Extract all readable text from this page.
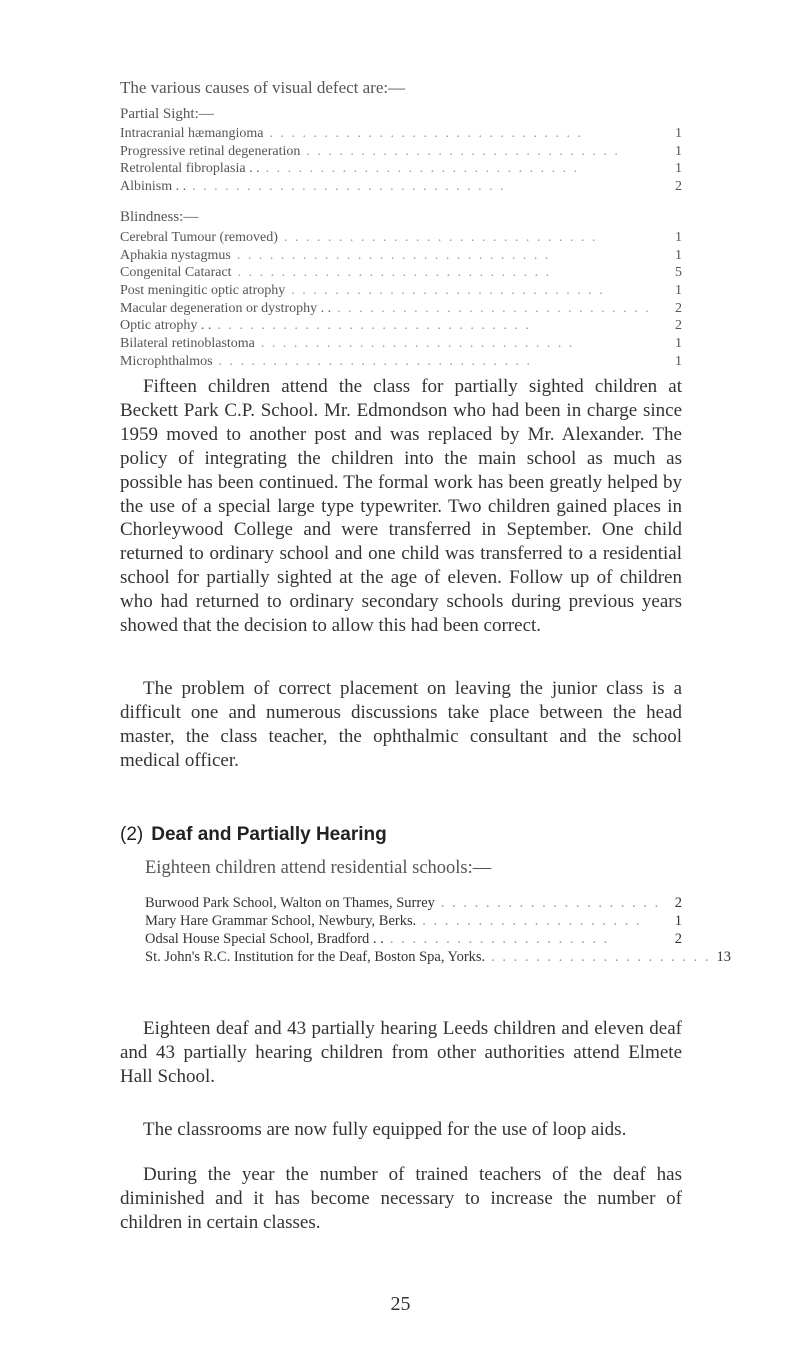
The various causes of visual defect are:—
Partial Sight:—
Intracranial hæmangioma . . . . . . . . . . . . . . . . . . . . . . . . . . . . .	1
Progressive retinal degeneration . . . . . . . . . . . . . . . . . . . . . . . . . . . . .	1
Retrolental fibroplasia . . . . . . . . . . . . . . . . . . . . . . . . . . . . . . .	1
Albinism . . . . . . . . . . . . . . . . . . . . . . . . . . . . . . .	2
Blindness:—
Cerebral Tumour (removed) . . . . . . . . . . . . . . . . . . . . . . . . . . . . .	1
Aphakia nystagmus . . . . . . . . . . . . . . . . . . . . . . . . . . . . .	1
Congenital Cataract . . . . . . . . . . . . . . . . . . . . . . . . . . . . .	5
Post meningitic optic atrophy . . . . . . . . . . . . . . . . . . . . . . . . . . . . .	1
Macular degeneration or dystrophy . . . . . . . . . . . . . . . . . . . . . . . . . . . . . . .	2
Optic atrophy . . . . . . . . . . . . . . . . . . . . . . . . . . . . . . .	2
Bilateral retinoblastoma . . . . . . . . . . . . . . . . . . . . . . . . . . . . .	1
Microphthalmos . . . . . . . . . . . . . . . . . . . . . . . . . . . . .	1

Fifteen children attend the class for partially sighted children at Beckett Park C.P. School. Mr. Edmondson who had been in charge since 1959 moved to another post and was replaced by Mr. Alexander. The policy of integrating the children into the main school as much as possible has been continued. The formal work has been greatly helped by the use of a special large type typewriter. Two children gained places in Chorleywood College and were transferred in September. One child returned to ordinary school and one child was transferred to a residential school for partially sighted at the age of eleven. Follow up of children who had returned to ordinary secondary schools during previous years showed that the decision to allow this had been correct.

The problem of correct placement on leaving the junior class is a difficult one and numerous discussions take place between the head master, the class teacher, the ophthalmic consultant and the school medical officer.

(2) Deaf and Partially Hearing
Eighteen children attend residential schools:—
Burwood Park School, Walton on Thames, Surrey . . . . . . . . . . . . . . . . . . . . 2
Mary Hare Grammar School, Newbury, Berks. . . . . . . . . . . . . . . . . . . . .	1
Odsal House Special School, Bradford . . . . . . . . . . . . . . . . . . . . . .	2
St. John's R.C. Institution for the Deaf, Boston Spa, Yorks. . . . . . . . . . . . . . . . . . . . . 13

Eighteen deaf and 43 partially hearing Leeds children and eleven deaf and 43 partially hearing children from other authorities attend Elmete Hall School.

The classrooms are now fully equipped for the use of loop aids.

During the year the number of trained teachers of the deaf has diminished and it has become necessary to increase the number of children in certain classes.

25
